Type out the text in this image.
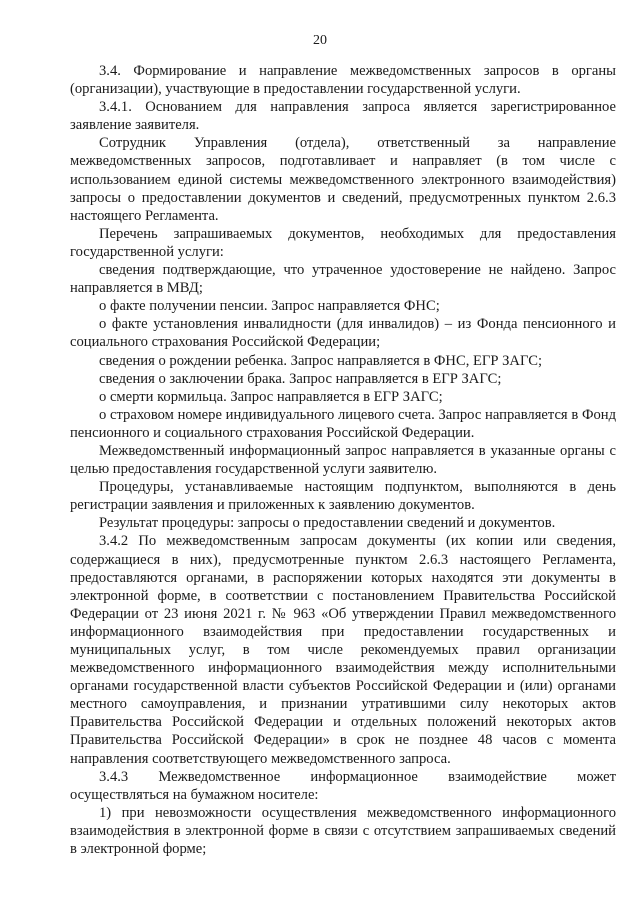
20

3.4. Формирование и направление межведомственных запросов в органы (организации), участвующие в предоставлении государственной услуги.

3.4.1. Основанием для направления запроса является зарегистрированное заявление заявителя.

Сотрудник Управления (отдела), ответственный за направление межведомственных запросов, подготавливает и направляет (в том числе с использованием единой системы межведомственного электронного взаимодействия) запросы о предоставлении документов и сведений, предусмотренных пунктом 2.6.3 настоящего Регламента.

Перечень запрашиваемых документов, необходимых для предоставления государственной услуги:

сведения подтверждающие, что утраченное удостоверение не найдено. Запрос направляется в МВД;

о факте получении пенсии. Запрос направляется ФНС;

о факте установления инвалидности (для инвалидов) – из Фонда пенсионного и социального страхования Российской Федерации;

сведения о рождении ребенка. Запрос направляется в ФНС, ЕГР ЗАГС;

сведения о заключении брака. Запрос направляется в ЕГР ЗАГС;

о смерти кормильца. Запрос направляется в ЕГР ЗАГС;

о страховом номере индивидуального лицевого счета. Запрос направляется в Фонд пенсионного и социального страхования Российской Федерации.

Межведомственный информационный запрос направляется в указанные органы с целью предоставления государственной услуги заявителю.

Процедуры, устанавливаемые настоящим подпунктом, выполняются в день регистрации заявления и приложенных к заявлению документов.

Результат процедуры: запросы о предоставлении сведений и документов.

3.4.2 По межведомственным запросам документы (их копии или сведения, содержащиеся в них), предусмотренные пунктом 2.6.3 настоящего Регламента, предоставляются органами, в распоряжении которых находятся эти документы в электронной форме, в соответствии с постановлением Правительства Российской Федерации от 23 июня 2021 г. № 963 «Об утверждении Правил межведомственного информационного взаимодействия при предоставлении государственных и муниципальных услуг, в том числе рекомендуемых правил организации межведомственного информационного взаимодействия между исполнительными органами государственной власти субъектов Российской Федерации и (или) органами местного самоуправления, и признании утратившими силу некоторых актов Правительства Российской Федерации и отдельных положений некоторых актов Правительства Российской Федерации» в срок не позднее 48 часов с момента направления соответствующего межведомственного запроса.

3.4.3 Межведомственное информационное взаимодействие может

осуществляться на бумажном носителе:

1) при невозможности осуществления межведомственного информационного взаимодействия в электронной форме в связи с отсутствием запрашиваемых сведений в электронной форме;
